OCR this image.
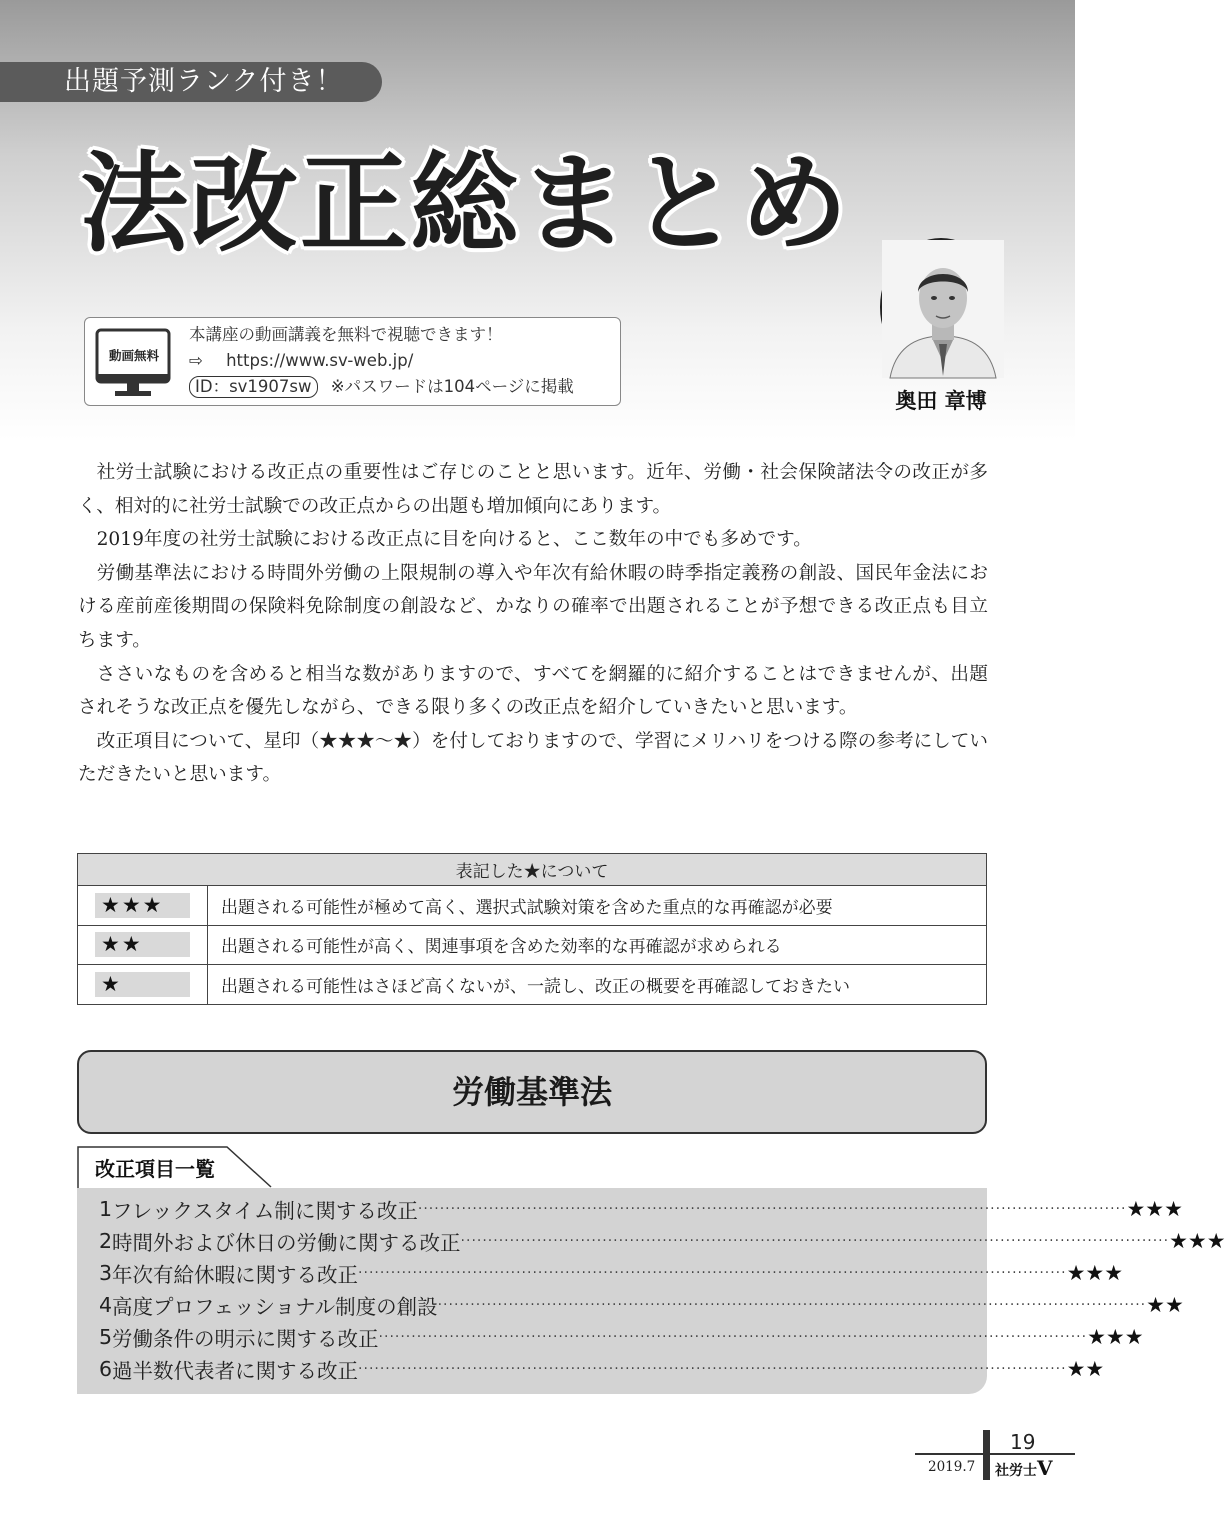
出題予測ランク付き！
法改正総まとめ
奥田 章博
動画無料
本講座の動画講義を無料で視聴できます！
⇨ https://www.sv-web.jp/
ID：sv1907sw ※パスワードは104ページに掲載

社労士試験における改正点の重要性はご存じのことと思います。近年、労働・社会保険諸法令の改正が多く、相対的に社労士試験での改正点からの出題も増加傾向にあります。

2019年度の社労士試験における改正点に目を向けると、ここ数年の中でも多めです。

労働基準法における時間外労働の上限規制の導入や年次有給休暇の時季指定義務の創設、国民年金法における産前産後期間の保険料免除制度の創設など、かなりの確率で出題されることが予想できる改正点も目立ちます。

ささいなものを含めると相当な数がありますので、すべてを網羅的に紹介することはできませんが、出題されそうな改正点を優先しながら、できる限り多くの改正点を紹介していきたいと思います。

改正項目について、星印（★★★～★）を付しておりますので、学習にメリハリをつける際の参考にしていただきたいと思います。

表記した★について	

★★★	出題される可能性が極めて高く、選択式試験対策を含めた重点的な再確認が必要

★★	出題される可能性が高く、関連事項を含めた効率的な再確認が求められる

★	出題される可能性はさほど高くないが、一読し、改正の概要を再確認しておきたい
労働基準法
改正項目一覧
1 フレックスタイム制に関する改正 ·································································································································· ★★★
2 時間外および休日の労働に関する改正 ·································································································································· ★★★
3 年次有給休暇に関する改正 ·································································································································· ★★★
4 高度プロフェッショナル制度の創設 ·································································································································· ★★
5 労働条件の明示に関する改正 ·································································································································· ★★★
6 過半数代表者に関する改正 ·································································································································· ★★
19
2019.7 社労士V
